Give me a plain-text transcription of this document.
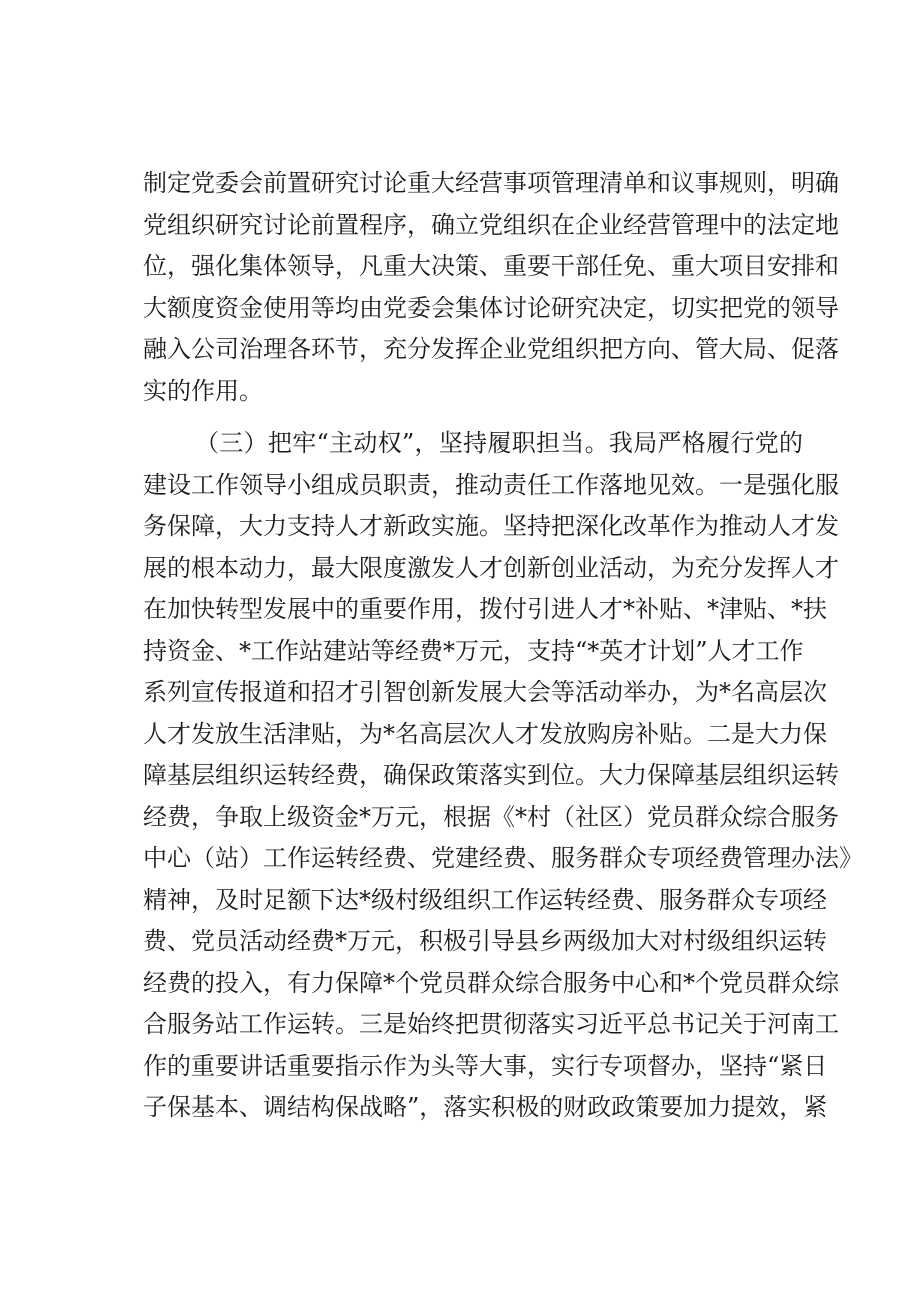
制定党委会前置研究讨论重大经营事项管理清单和议事规则，明确
党组织研究讨论前置程序，确立党组织在企业经营管理中的法定地
位，强化集体领导，凡重大决策、重要干部任免、重大项目安排和
大额度资金使用等均由党委会集体讨论研究决定，切实把党的领导
融入公司治理各环节，充分发挥企业党组织把方向、管大局、促落
实的作用。
（三）把牢“主动权”，坚持履职担当。我局严格履行党的
建设工作领导小组成员职责，推动责任工作落地见效。一是强化服
务保障，大力支持人才新政实施。坚持把深化改革作为推动人才发
展的根本动力，最大限度激发人才创新创业活动，为充分发挥人才
在加快转型发展中的重要作用，拨付引进人才*补贴、*津贴、*扶
持资金、*工作站建站等经费*万元，支持“*英才计划”人才工作
系列宣传报道和招才引智创新发展大会等活动举办，为*名高层次
人才发放生活津贴，为*名高层次人才发放购房补贴。二是大力保
障基层组织运转经费，确保政策落实到位。大力保障基层组织运转
经费，争取上级资金*万元，根据《*村（社区）党员群众综合服务
中心（站）工作运转经费、党建经费、服务群众专项经费管理办法》
精神，及时足额下达*级村级组织工作运转经费、服务群众专项经
费、党员活动经费*万元，积极引导县乡两级加大对村级组织运转
经费的投入，有力保障*个党员群众综合服务中心和*个党员群众综
合服务站工作运转。三是始终把贯彻落实习近平总书记关于河南工
作的重要讲话重要指示作为头等大事，实行专项督办，坚持“紧日
子保基本、调结构保战略”，落实积极的财政政策要加力提效，紧
